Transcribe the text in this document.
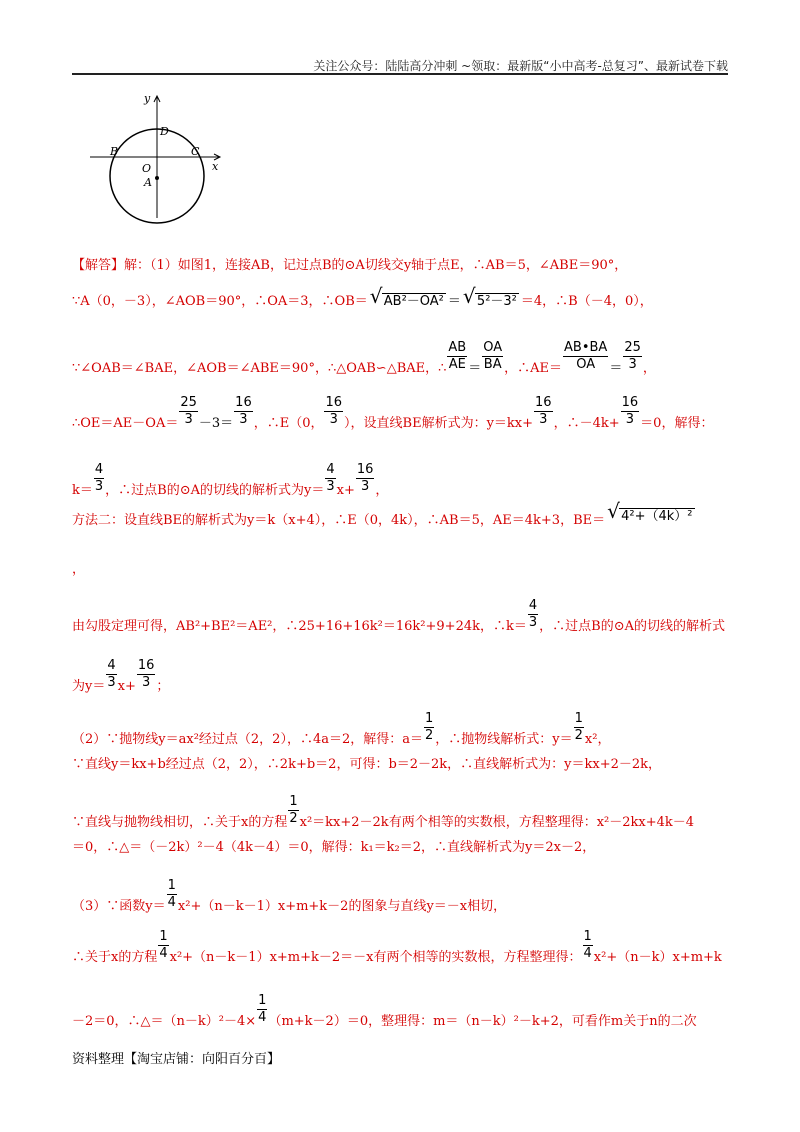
关注公众号：陆陆高分冲刺 ~领取：最新版“小中高考-总复习”、最新试卷下载
y
x
D
B	C
O
A
【解答】解：（1）如图1，连接AB，记过点B的⊙A切线交y轴于点E，∴AB＝5，∠ABE＝90°，
∵A（0，－3），∠AOB＝90°，∴OA＝3，∴OB＝ √ AB²－OA² ＝ √ 5²－3² ＝4，∴B（－4，0），
∵∠OAB＝∠BAE，∠AOB＝∠ABE＝90°，∴△OAB∽△BAE，∴ $\frac{AB}{AE} = \frac{OA}{BA}$ ，∴AE＝ $\frac{AB•BA}{OA} = \frac{25}{3}$ ，
∴OE＝AE－OA＝ $\frac{25}{3} -3= \frac{16}{3}$ ，∴E（0， $\frac{16}{3}$ ），设直线BE解析式为：$y=kx+ \frac{16}{3}$ ，∴－4k+ $\frac{16}{3} =0$，解得：
$k= \frac{4}{3}$ ，∴过点B的⊙A的切线的解析式为$y= \frac{4}{3} x+ \frac{16}{3}$ ，
方法二：设直线BE的解析式为y＝k（x+4），∴E（0，4k），∴AB＝5，AE＝4k+3，BE＝ √ 4²+（4k）²
，
由勾股定理可得，AB²+BE²＝AE²，∴25+16+16k²＝16k²+9+24k，∴k＝ $\frac{4}{3}$ ，∴过点B的⊙A的切线的解析式
为$y= \frac{4}{3} x+ \frac{16}{3}$ ；
（2）∵抛物线y＝ax²经过点（2，2），∴4a＝2，解得：$a= \frac{1}{2}$ ，∴抛物线解析式：$y= \frac{1}{2} x^2$，
∵直线y＝kx+b经过点（2，2），∴2k+b＝2，可得：b＝2－2k，∴直线解析式为：y＝kx+2－2k，
∵直线与抛物线相切，∴关于x的方程 $\frac{1}{2} x^2=kx+2-2k$有两个相等的实数根，方程整理得：x²－2kx+4k－4
＝0，∴△＝（－2k）²－4（4k－4）＝0，解得：k₁＝k₂＝2，∴直线解析式为y＝2x－2，
（3）∵函数$y= \frac{1}{4} x^2+(n-k-1)x+m+k-2$的图象与直线y＝－x相切，
∴关于x的方程 $\frac{1}{4} x^2+(n-k-1)x+m+k-2=-x$有两个相等的实数根，方程整理得： $\frac{1}{4} x^2+(n-k)x+m+k$
－2＝0，∴△＝（n－k）²－4× $\frac{1}{4} (m+k-2)=0$，整理得：m＝（n－k）²－k+2，可看作m关于n的二次
资料整理【淘宝店铺：向阳百分百】
